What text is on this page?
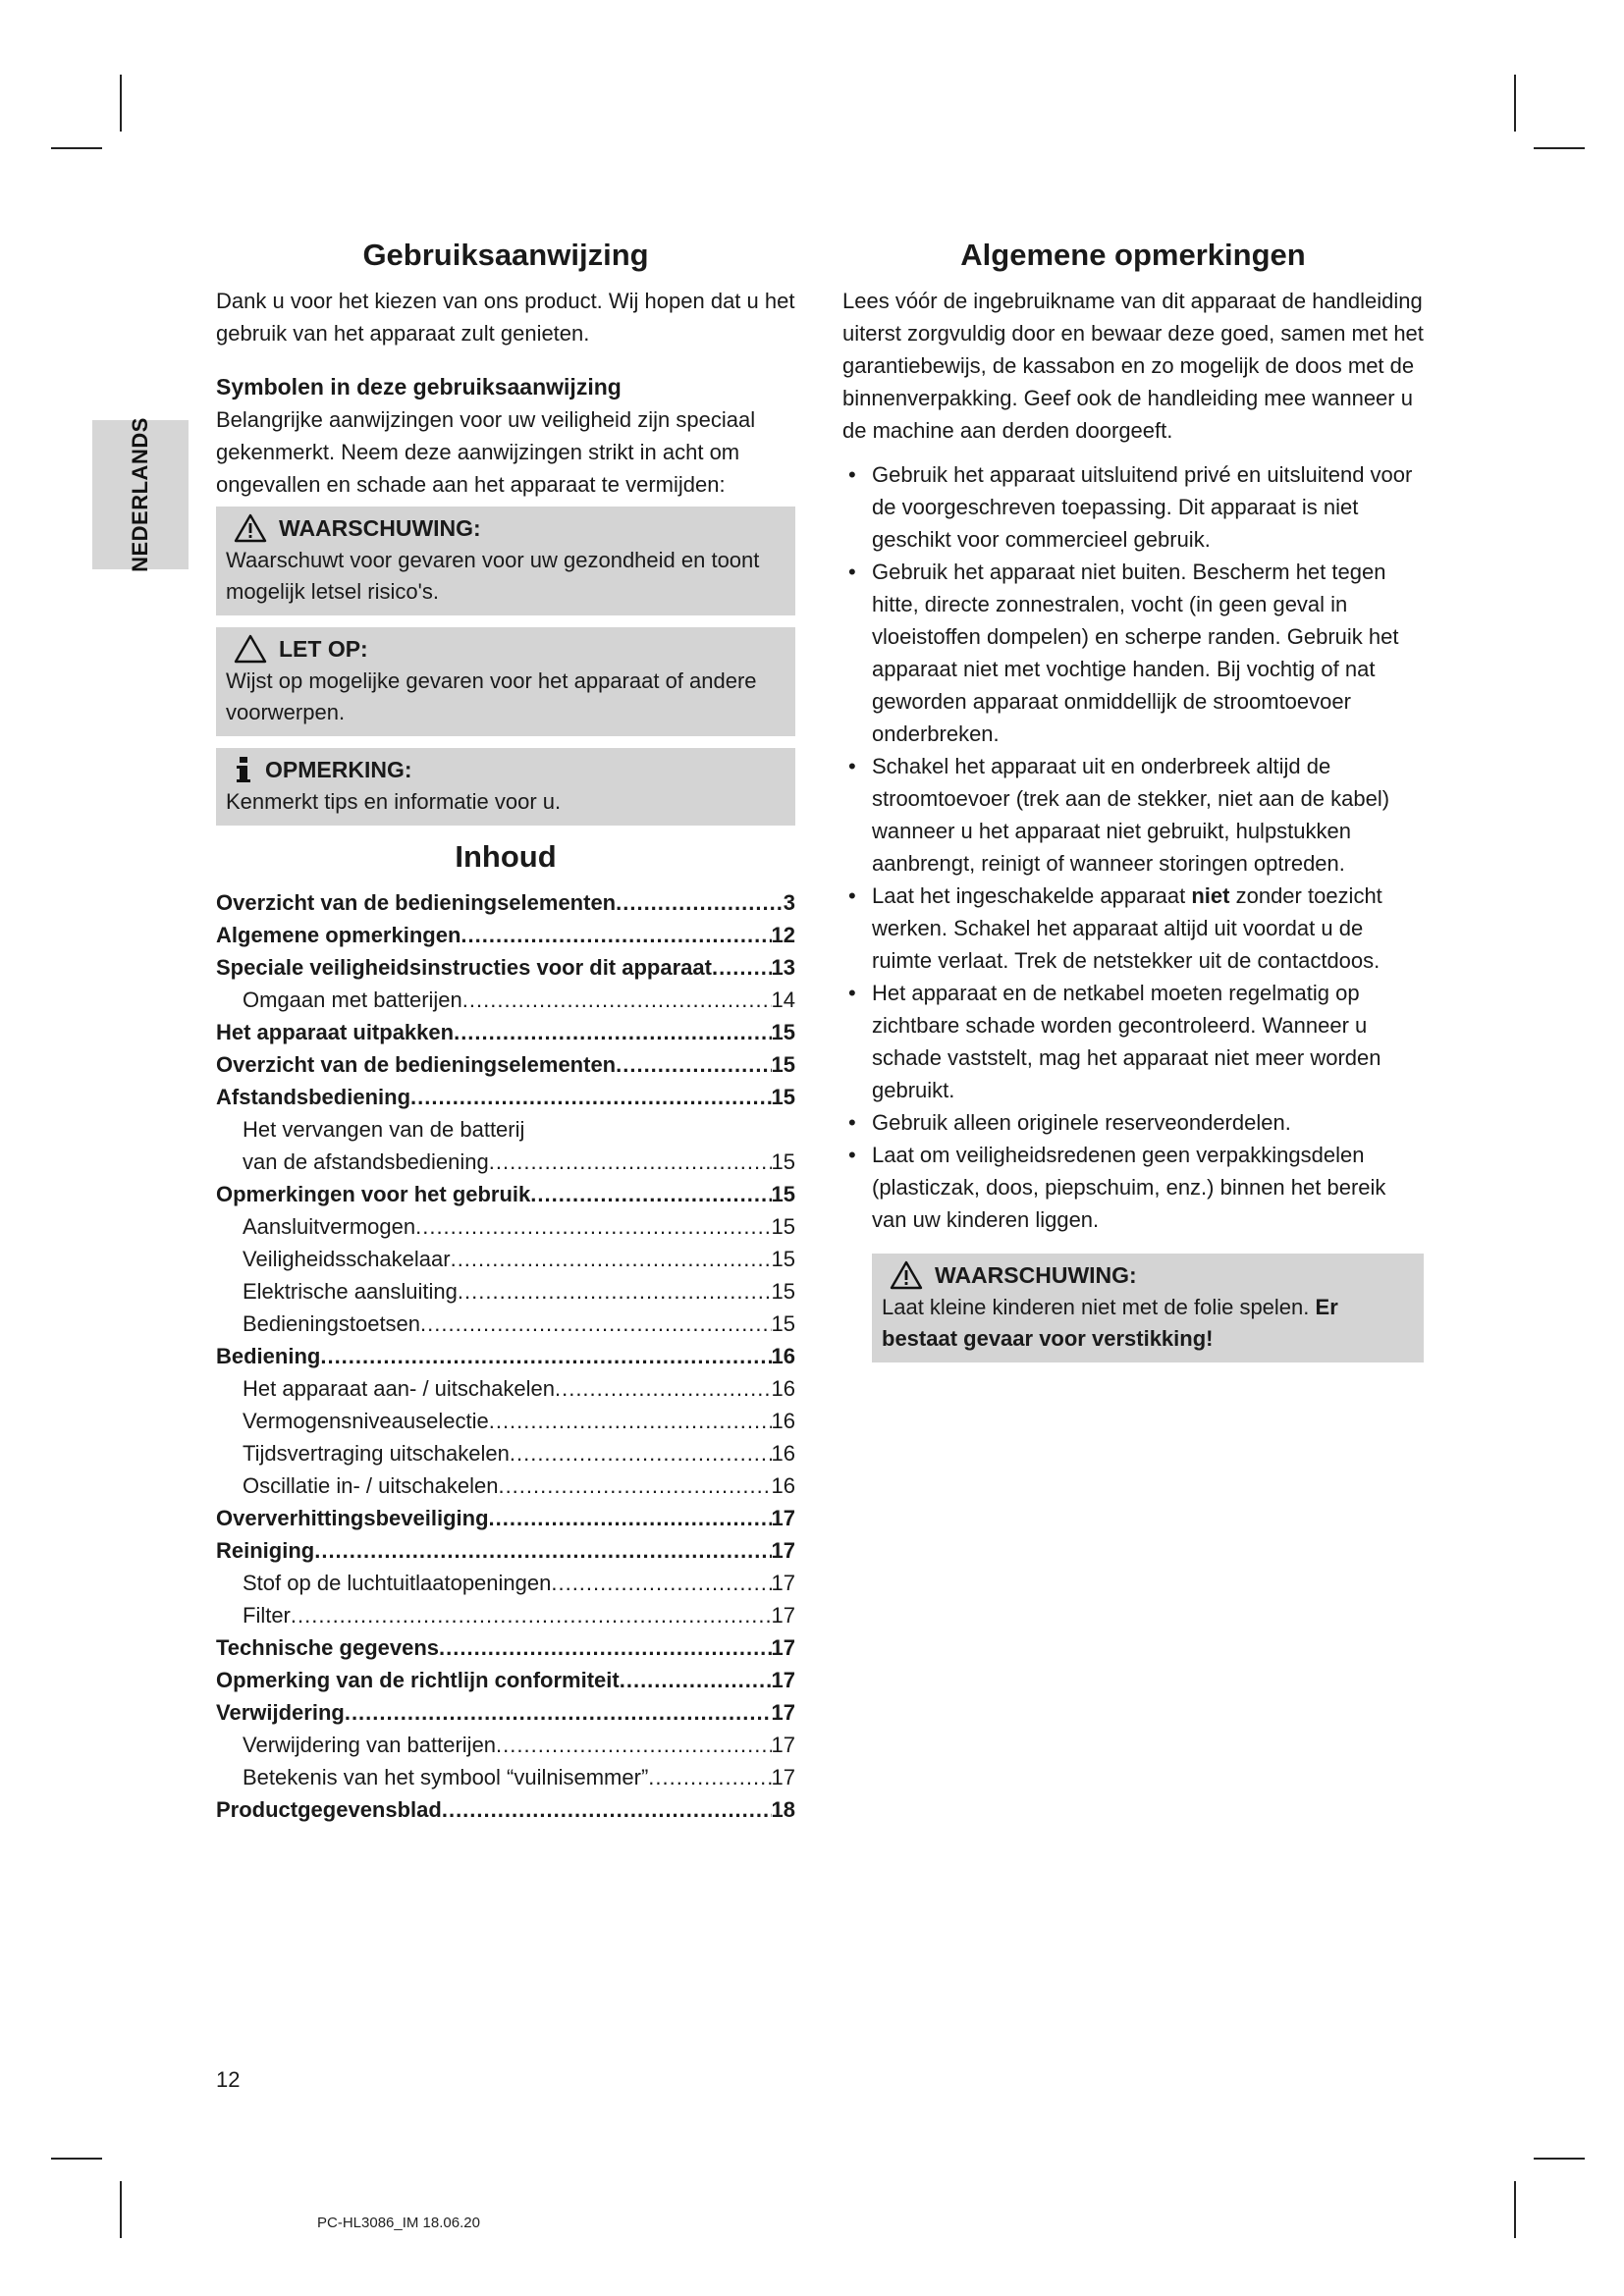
NEDERLANDS
Gebruiksaanwijzing

Dank u voor het kiezen van ons product. Wij hopen dat u het gebruik van het apparaat zult genieten.

Symbolen in deze gebruiksaanwijzing

Belangrijke aanwijzingen voor uw veiligheid zijn speciaal gekenmerkt. Neem deze aanwijzingen strikt in acht om ongevallen en schade aan het apparaat te vermijden:

WAARSCHUWING:
Waarschuwt voor gevaren voor uw gezondheid en toont mogelijk letsel risico's.
LET OP:
Wijst op mogelijke gevaren voor het apparaat of andere voorwerpen.
OPMERKING:
Kenmerkt tips en informatie voor u.
Inhoud
Overzicht van de bedieningselementen .....	3
Algemene opmerkingen .....	12
Speciale veiligheidsinstructies voor dit apparaat .....	13
Omgaan met batterijen .....	14
Het apparaat uitpakken .....	15
Overzicht van de bedieningselementen .....	15
Afstandsbediening .....	15
Het vervangen van de batterij
van de afstandsbediening .....	15
Opmerkingen voor het gebruik .....	15
Aansluitvermogen .....	15
Veiligheidsschakelaar .....	15
Elektrische aansluiting .....	15
Bedieningstoetsen .....	15
Bediening .....	16
Het apparaat aan- / uitschakelen .....	16
Vermogensniveauselectie .....	16
Tijdsvertraging uitschakelen .....	16
Oscillatie in- / uitschakelen .....	16
Oververhittingsbeveiliging .....	17
Reiniging .....	17
Stof op de luchtuitlaatopeningen .....	17
Filter .....	17
Technische gegevens .....	17
Opmerking van de richtlijn conformiteit .....	17
Verwijdering .....	17
Verwijdering van batterijen .....	17
Betekenis van het symbool “vuilnisemmer” .....	17
Productgegevensblad .....	18
Algemene opmerkingen

Lees vóór de ingebruikname van dit apparaat de handleiding uiterst zorgvuldig door en bewaar deze goed, samen met het garantiebewijs, de kassabon en zo mogelijk de doos met de binnenverpakking. Geef ook de handleiding mee wanneer u de machine aan derden doorgeeft.

• Gebruik het apparaat uitsluitend privé en uitsluitend voor de voorgeschreven toepassing. Dit apparaat is niet geschikt voor commercieel gebruik.
• Gebruik het apparaat niet buiten. Bescherm het tegen hitte, directe zonnestralen, vocht (in geen geval in vloeistoffen dompelen) en scherpe randen. Gebruik het apparaat niet met vochtige handen. Bij vochtig of nat geworden apparaat onmiddellijk de stroomtoevoer onderbreken.
• Schakel het apparaat uit en onderbreek altijd de stroomtoevoer (trek aan de stekker, niet aan de kabel) wanneer u het apparaat niet gebruikt, hulpstukken aanbrengt, reinigt of wanneer storingen optreden.
• Laat het ingeschakelde apparaat niet zonder toezicht werken. Schakel het apparaat altijd uit voordat u de ruimte verlaat. Trek de netstekker uit de contactdoos.
• Het apparaat en de netkabel moeten regelmatig op zichtbare schade worden gecontroleerd. Wanneer u schade vaststelt, mag het apparaat niet meer worden gebruikt.
• Gebruik alleen originele reserveonderdelen.
• Laat om veiligheidsredenen geen verpakkingsdelen (plasticzak, doos, piepschuim, enz.) binnen het bereik van uw kinderen liggen.
WAARSCHUWING:
Laat kleine kinderen niet met de folie spelen. Er bestaat gevaar voor verstikking!
12
PC-HL3086_IM 18.06.20
